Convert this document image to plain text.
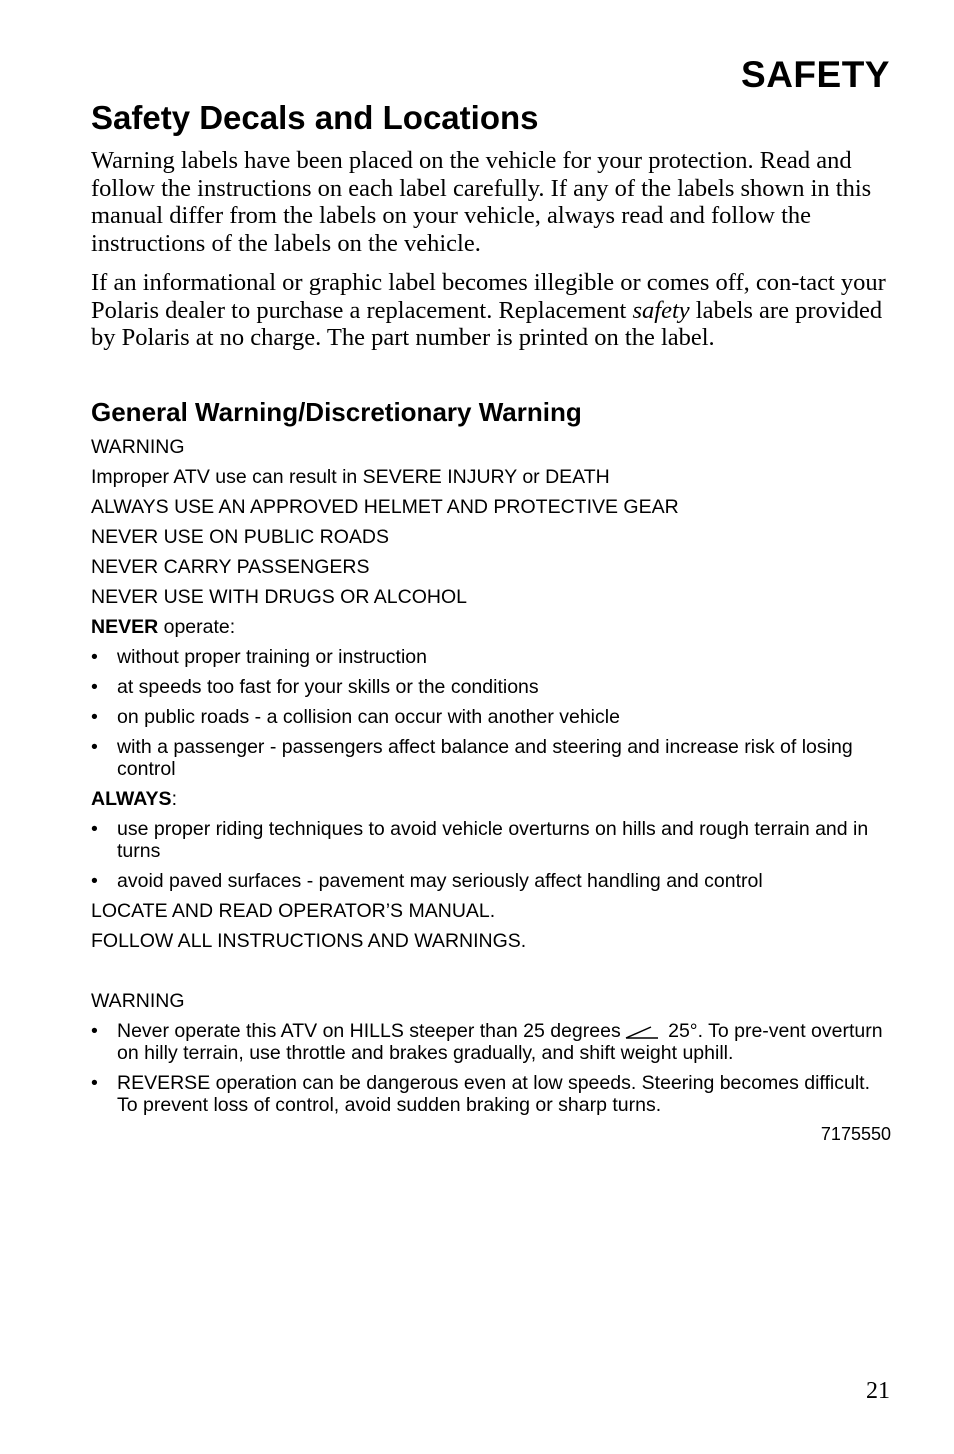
SAFETY
Safety Decals and Locations
Warning labels have been placed on the vehicle for your protection. Read and follow the instructions on each label carefully. If any of the labels shown in this manual differ from the labels on your vehicle, always read and follow the instructions of the labels on the vehicle.
If an informational or graphic label becomes illegible or comes off, con-tact your Polaris dealer to purchase a replacement. Replacement safety labels are provided by Polaris at no charge. The part number is printed on the label.
General Warning/Discretionary Warning
WARNING
Improper ATV use can result in SEVERE INJURY or DEATH
ALWAYS USE AN APPROVED HELMET AND PROTECTIVE GEAR
NEVER USE ON PUBLIC ROADS
NEVER CARRY PASSENGERS
NEVER USE WITH DRUGS OR ALCOHOL
NEVER operate:
• without proper training or instruction
• at speeds too fast for your skills or the conditions
• on public roads - a collision can occur with another vehicle
• with a passenger - passengers affect balance and steering and increase risk of losing control
ALWAYS:
• use proper riding techniques to avoid vehicle overturns on hills and rough terrain and in turns
• avoid paved surfaces - pavement may seriously affect handling and control
LOCATE AND READ OPERATOR’S MANUAL.
FOLLOW ALL INSTRUCTIONS AND WARNINGS.
WARNING
• Never operate this ATV on HILLS steeper than 25 degrees 25°. To pre-vent overturn on hilly terrain, use throttle and brakes gradually, and shift weight uphill.
• REVERSE operation can be dangerous even at low speeds. Steering becomes difficult. To prevent loss of control, avoid sudden braking or sharp turns.
7175550
21
